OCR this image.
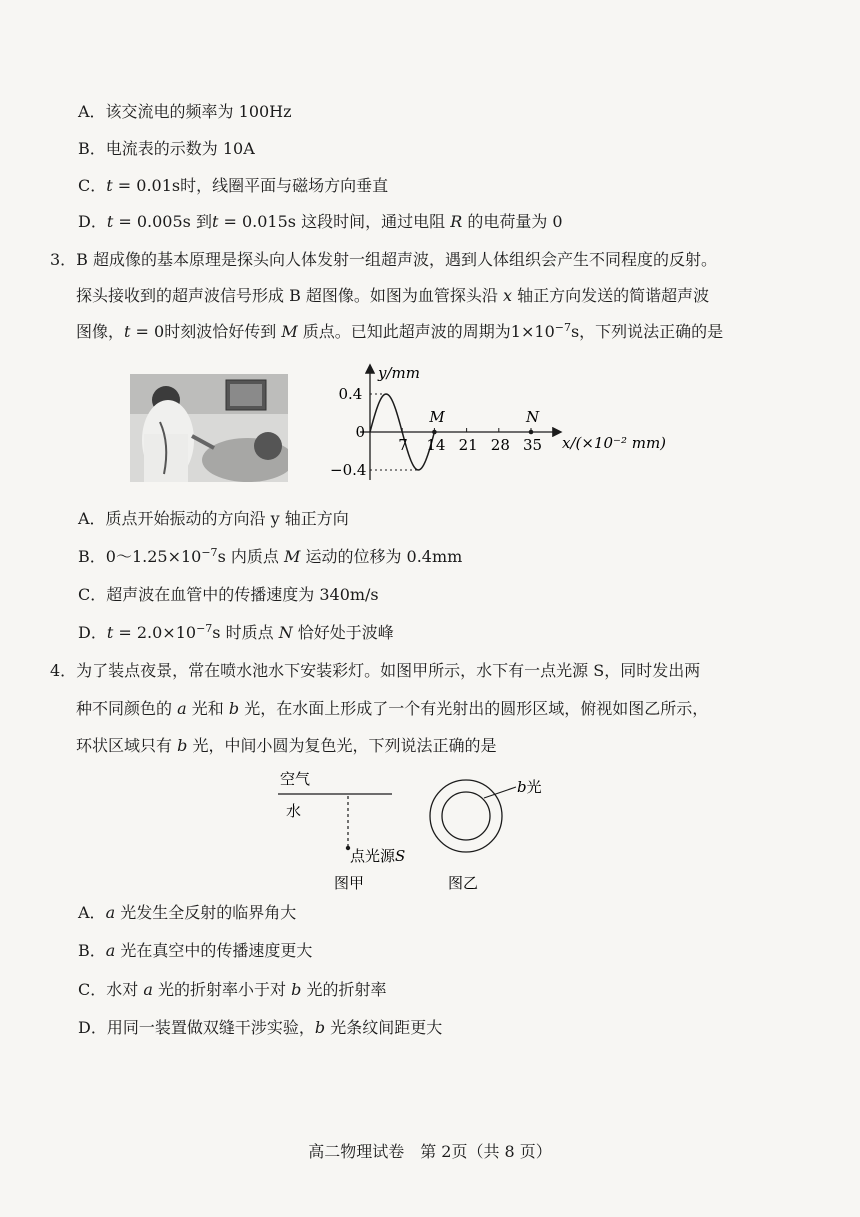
A．该交流电的频率为 100Hz
B．电流表的示数为 10A
C．t = 0.01s时，线圈平面与磁场方向垂直
D．t = 0.005s 到t = 0.015s 这段时间，通过电阻 R 的电荷量为 0
3．B 超成像的基本原理是探头向人体发射一组超声波，遇到人体组织会产生不同程度的反射。
探头接收到的超声波信号形成 B 超图像。如图为血管探头沿 x 轴正方向发送的简谐超声波
图像，t = 0时刻波恰好传到 M 质点。已知此超声波的周期为$1\times 10^{-7}s$，下列说法正确的是
7 14 21 28 35
0.4
0
−0.4
M	N
y/mm
x/(×10⁻² mm)
A．质点开始振动的方向沿 y 轴正方向
B．$0\sim 1.25\times 10^{-7}s$ 内质点 M 运动的位移为 0.4mm
C．超声波在血管中的传播速度为 340m/s
D．$t = 2.0\times 10^{-7}s$ 时质点 N 恰好处于波峰
4．为了装点夜景，常在喷水池水下安装彩灯。如图甲所示，水下有一点光源 S，同时发出两
种不同颜色的 a 光和 b 光，在水面上形成了一个有光射出的圆形区域，俯视如图乙所示，
环状区域只有 b 光，中间小圆为复色光，下列说法正确的是
空气
水
点光源S
图甲
b光
图乙
A．a 光发生全反射的临界角大
B．a 光在真空中的传播速度更大
C．水对 a 光的折射率小于对 b 光的折射率
D．用同一装置做双缝干涉实验，b 光条纹间距更大
高二物理试卷　第 2页（共 8 页）
